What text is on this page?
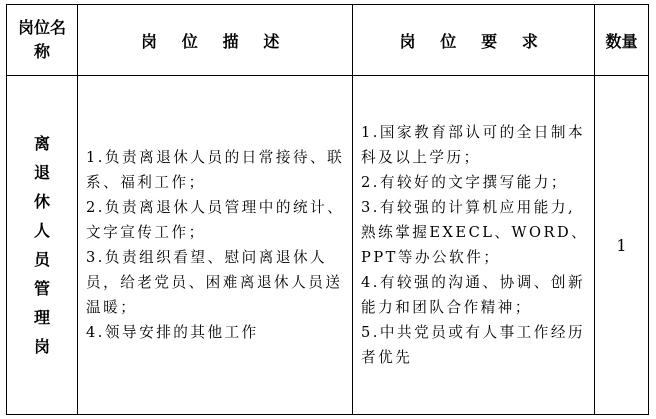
岗位名称
岗 位 描 述	岗 位 要 求	数量
离退休人员管理岗
1.负责离退休人员的日常接待、联系、福利工作；
2.负责离退休人员管理中的统计、文字宣传工作；
3.负责组织看望、慰问离退休人员，给老党员、困难离退休人员送温暖；
4.领导安排的其他工作
1.国家教育部认可的全日制本科及以上学历；
2.有较好的文字撰写能力；
3.有较强的计算机应用能力,熟练掌握EXECL、WORD、PPT等办公软件；
4.有较强的沟通、协调、创新能力和团队合作精神；
5.中共党员或有人事工作经历者优先
1
